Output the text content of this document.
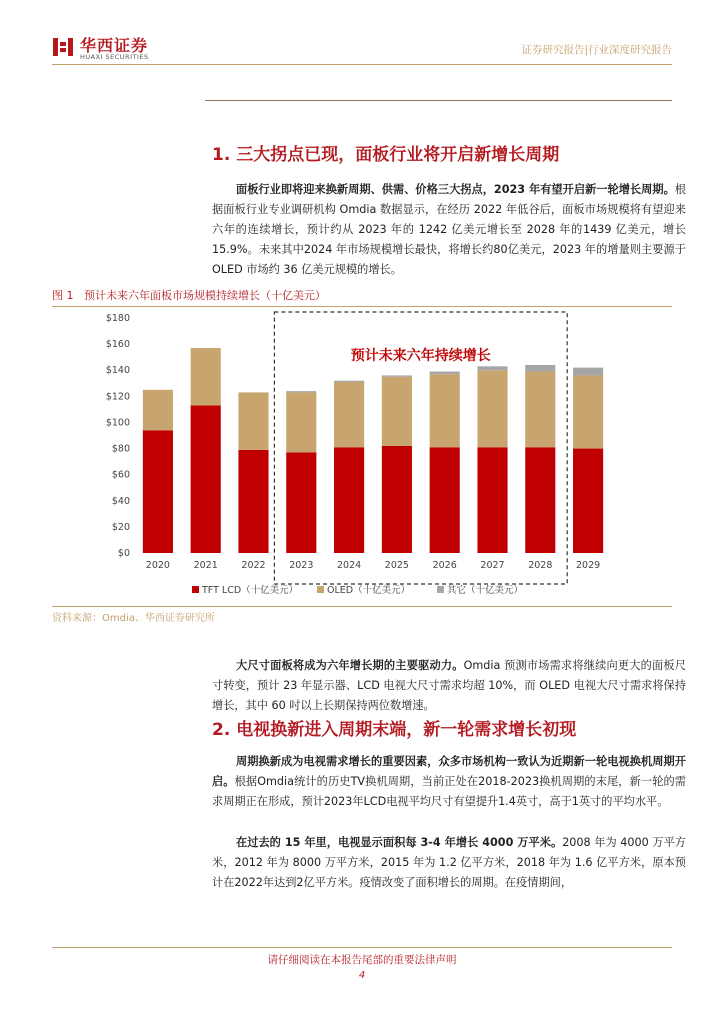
华西证券
HUAXI SECURITIES
证券研究报告|行业深度研究报告
1. 三大拐点已现，面板行业将开启新增长周期
面板行业即将迎来换新周期、供需、价格三大拐点，2023 年有望开启新一轮增长周期。根据面板行业专业调研机构 Omdia 数据显示，在经历 2022 年低谷后，面板市场规模将有望迎来六年的连续增长，预计约从 2023 年的 1242 亿美元增长至 2028 年的1439 亿美元，增长15.9%。未来其中2024 年市场规模增长最快，将增长约80亿美元，2023 年的增量则主要源于 OLED 市场约 36 亿美元规模的增长。
图 1 预计未来六年面板市场规模持续增长（十亿美元）
$0
$20
$40
$60
$80
$100
$120
$140
$160
$180
2020 2021 2022 2023 2024 2025 2026 2027 2028 2029
预计未来六年持续增长
TFT LCD（十亿美元）	OLED（十亿美元）	其它（十亿美元）
资料来源：Omdia、华西证券研究所
大尺寸面板将成为六年增长期的主要驱动力。Omdia 预测市场需求将继续向更大的面板尺寸转变，预计 23 年显示器、LCD 电视大尺寸需求均超 10%，而 OLED 电视大尺寸需求将保持增长，其中 60 吋以上长期保持两位数增速。
2. 电视换新进入周期末端，新一轮需求增长初现
周期换新成为电视需求增长的重要因素，众多市场机构一致认为近期新一轮电视换机周期开启。根据Omdia统计的历史TV换机周期，当前正处在2018-2023换机周期的末尾，新一轮的需求周期正在形成，预计2023年LCD电视平均尺寸有望提升1.4英寸，高于1英寸的平均水平。
在过去的 15 年里，电视显示面积每 3-4 年增长 4000 万平米。2008 年为 4000 万平方米，2012 年为 8000 万平方米，2015 年为 1.2 亿平方米，2018 年为 1.6 亿平方米，原本预计在2022年达到2亿平方米。疫情改变了面积增长的周期。在疫情期间，
请仔细阅读在本报告尾部的重要法律声明
4
